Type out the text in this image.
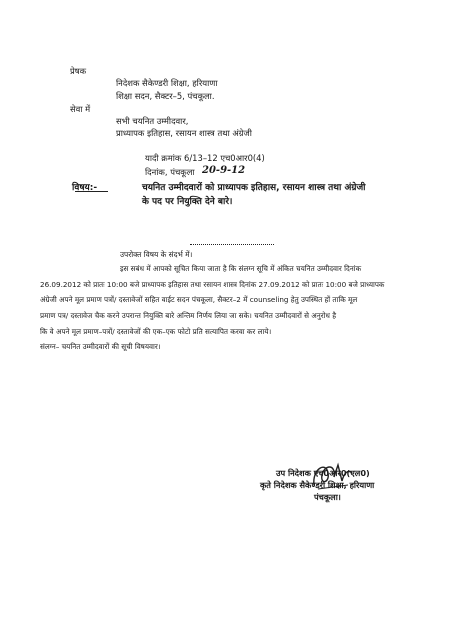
प्रेषक
निदेशक सैकेण्डरी शिक्षा, हरियाणा
शिक्षा सदन, सैक्टर–5, पंचकूला.
सेवा में
सभी चयनित उम्मीदवार,
प्राध्यापक इतिहास, रसायन शास्त्र तथा अंग्रेजी
यादी क्रमांक 6/13–12 एच0आर0(4)
दिनांक, पंचकूला 20-9-12
विषय:-	चयनित उम्मीदवारों को प्राध्यापक इतिहास, रसायन शास्त्र तथा अंग्रेजी
के पद पर नियुक्ति देने बारे।
उपरोक्त विषय के संदर्भ में।
इस सबंध में आपको सूचित किया जाता है कि संलग्न सूचि में अंकित चयनित उम्मीदवार दिनांक
26.09.2012 को प्रातः 10:00 बजे प्राध्यापक इतिहास तथा रसायन शास्त्र दिनांक 27.09.2012 को प्रातः 10:00 बजे प्राध्यापक
अंग्रेजी अपने मूल प्रमाण पत्रों/ दस्तावेजों सहित वाईट सदन पंचकूला, सैक्टर–2 में counseling हेतु उपस्थित हों ताकि मूल
प्रमाण पत्र/ दस्तावेज चैक करने उपरान्त नियुक्ति बारे अन्तिम निर्णय लिया जा सके। चयनित उम्मीदवारों से अनुरोध है
कि वे अपने मूल प्रमाण–पत्रों/ दस्तावेजों की एक–एक फोटो प्रति सत्यापित करवा कर लाये।
संलग्न– चयनित उम्मीदवारों की सूची विषयवार।
उप निदेशक एच0आर0(एल0)
कृते निदेशक सैकेण्डरी शिक्षा, हरियाणा
पंचकूला।
